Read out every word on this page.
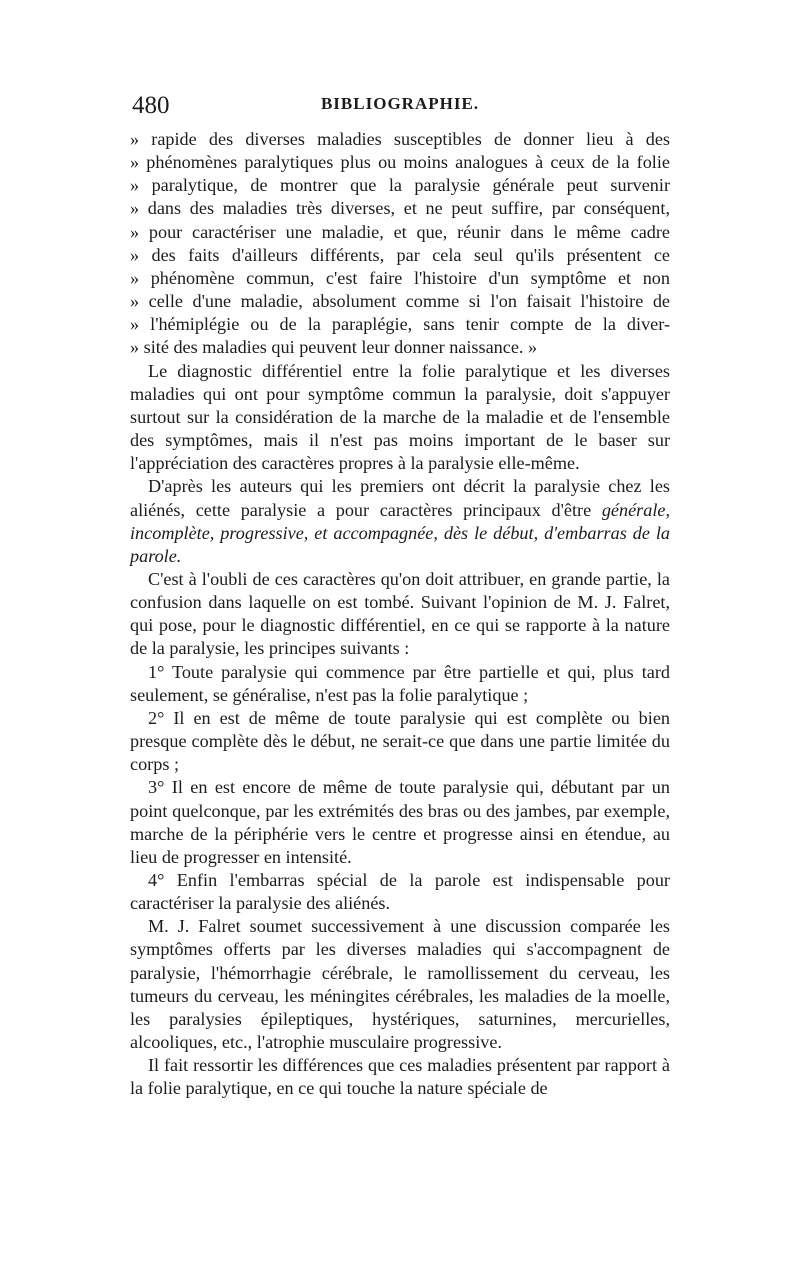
480	BIBLIOGRAPHIE.
» rapide des diverses maladies susceptibles de donner lieu à des
» phénomènes paralytiques plus ou moins analogues à ceux de la folie
» paralytique, de montrer que la paralysie générale peut survenir
» dans des maladies très diverses, et ne peut suffire, par conséquent,
» pour caractériser une maladie, et que, réunir dans le même cadre
» des faits d'ailleurs différents, par cela seul qu'ils présentent ce
» phénomène commun, c'est faire l'histoire d'un symptôme et non
» celle d'une maladie, absolument comme si l'on faisait l'histoire de
» l'hémiplégie ou de la paraplégie, sans tenir compte de la diver-
» sité des maladies qui peuvent leur donner naissance. »

Le diagnostic différentiel entre la folie paralytique et les diverses maladies qui ont pour symptôme commun la paralysie, doit s'appuyer surtout sur la considération de la marche de la maladie et de l'ensemble des symptômes, mais il n'est pas moins important de le baser sur l'appréciation des caractères propres à la paralysie elle-même.

D'après les auteurs qui les premiers ont décrit la paralysie chez les aliénés, cette paralysie a pour caractères principaux d'être générale, incomplète, progressive, et accompagnée, dès le début, d'embarras de la parole.

C'est à l'oubli de ces caractères qu'on doit attribuer, en grande partie, la confusion dans laquelle on est tombé. Suivant l'opinion de M. J. Falret, qui pose, pour le diagnostic différentiel, en ce qui se rapporte à la nature de la paralysie, les principes suivants :

1° Toute paralysie qui commence par être partielle et qui, plus tard seulement, se généralise, n'est pas la folie paralytique ;

2° Il en est de même de toute paralysie qui est complète ou bien presque complète dès le début, ne serait-ce que dans une partie limitée du corps ;

3° Il en est encore de même de toute paralysie qui, débutant par un point quelconque, par les extrémités des bras ou des jambes, par exemple, marche de la périphérie vers le centre et progresse ainsi en étendue, au lieu de progresser en intensité.

4° Enfin l'embarras spécial de la parole est indispensable pour caractériser la paralysie des aliénés.

M. J. Falret soumet successivement à une discussion comparée les symptômes offerts par les diverses maladies qui s'accompagnent de paralysie, l'hémorrhagie cérébrale, le ramollissement du cerveau, les tumeurs du cerveau, les méningites cérébrales, les maladies de la moelle, les paralysies épileptiques, hystériques, saturnines, mercurielles, alcooliques, etc., l'atrophie musculaire progressive.

Il fait ressortir les différences que ces maladies présentent par rapport à la folie paralytique, en ce qui touche la nature spéciale de
